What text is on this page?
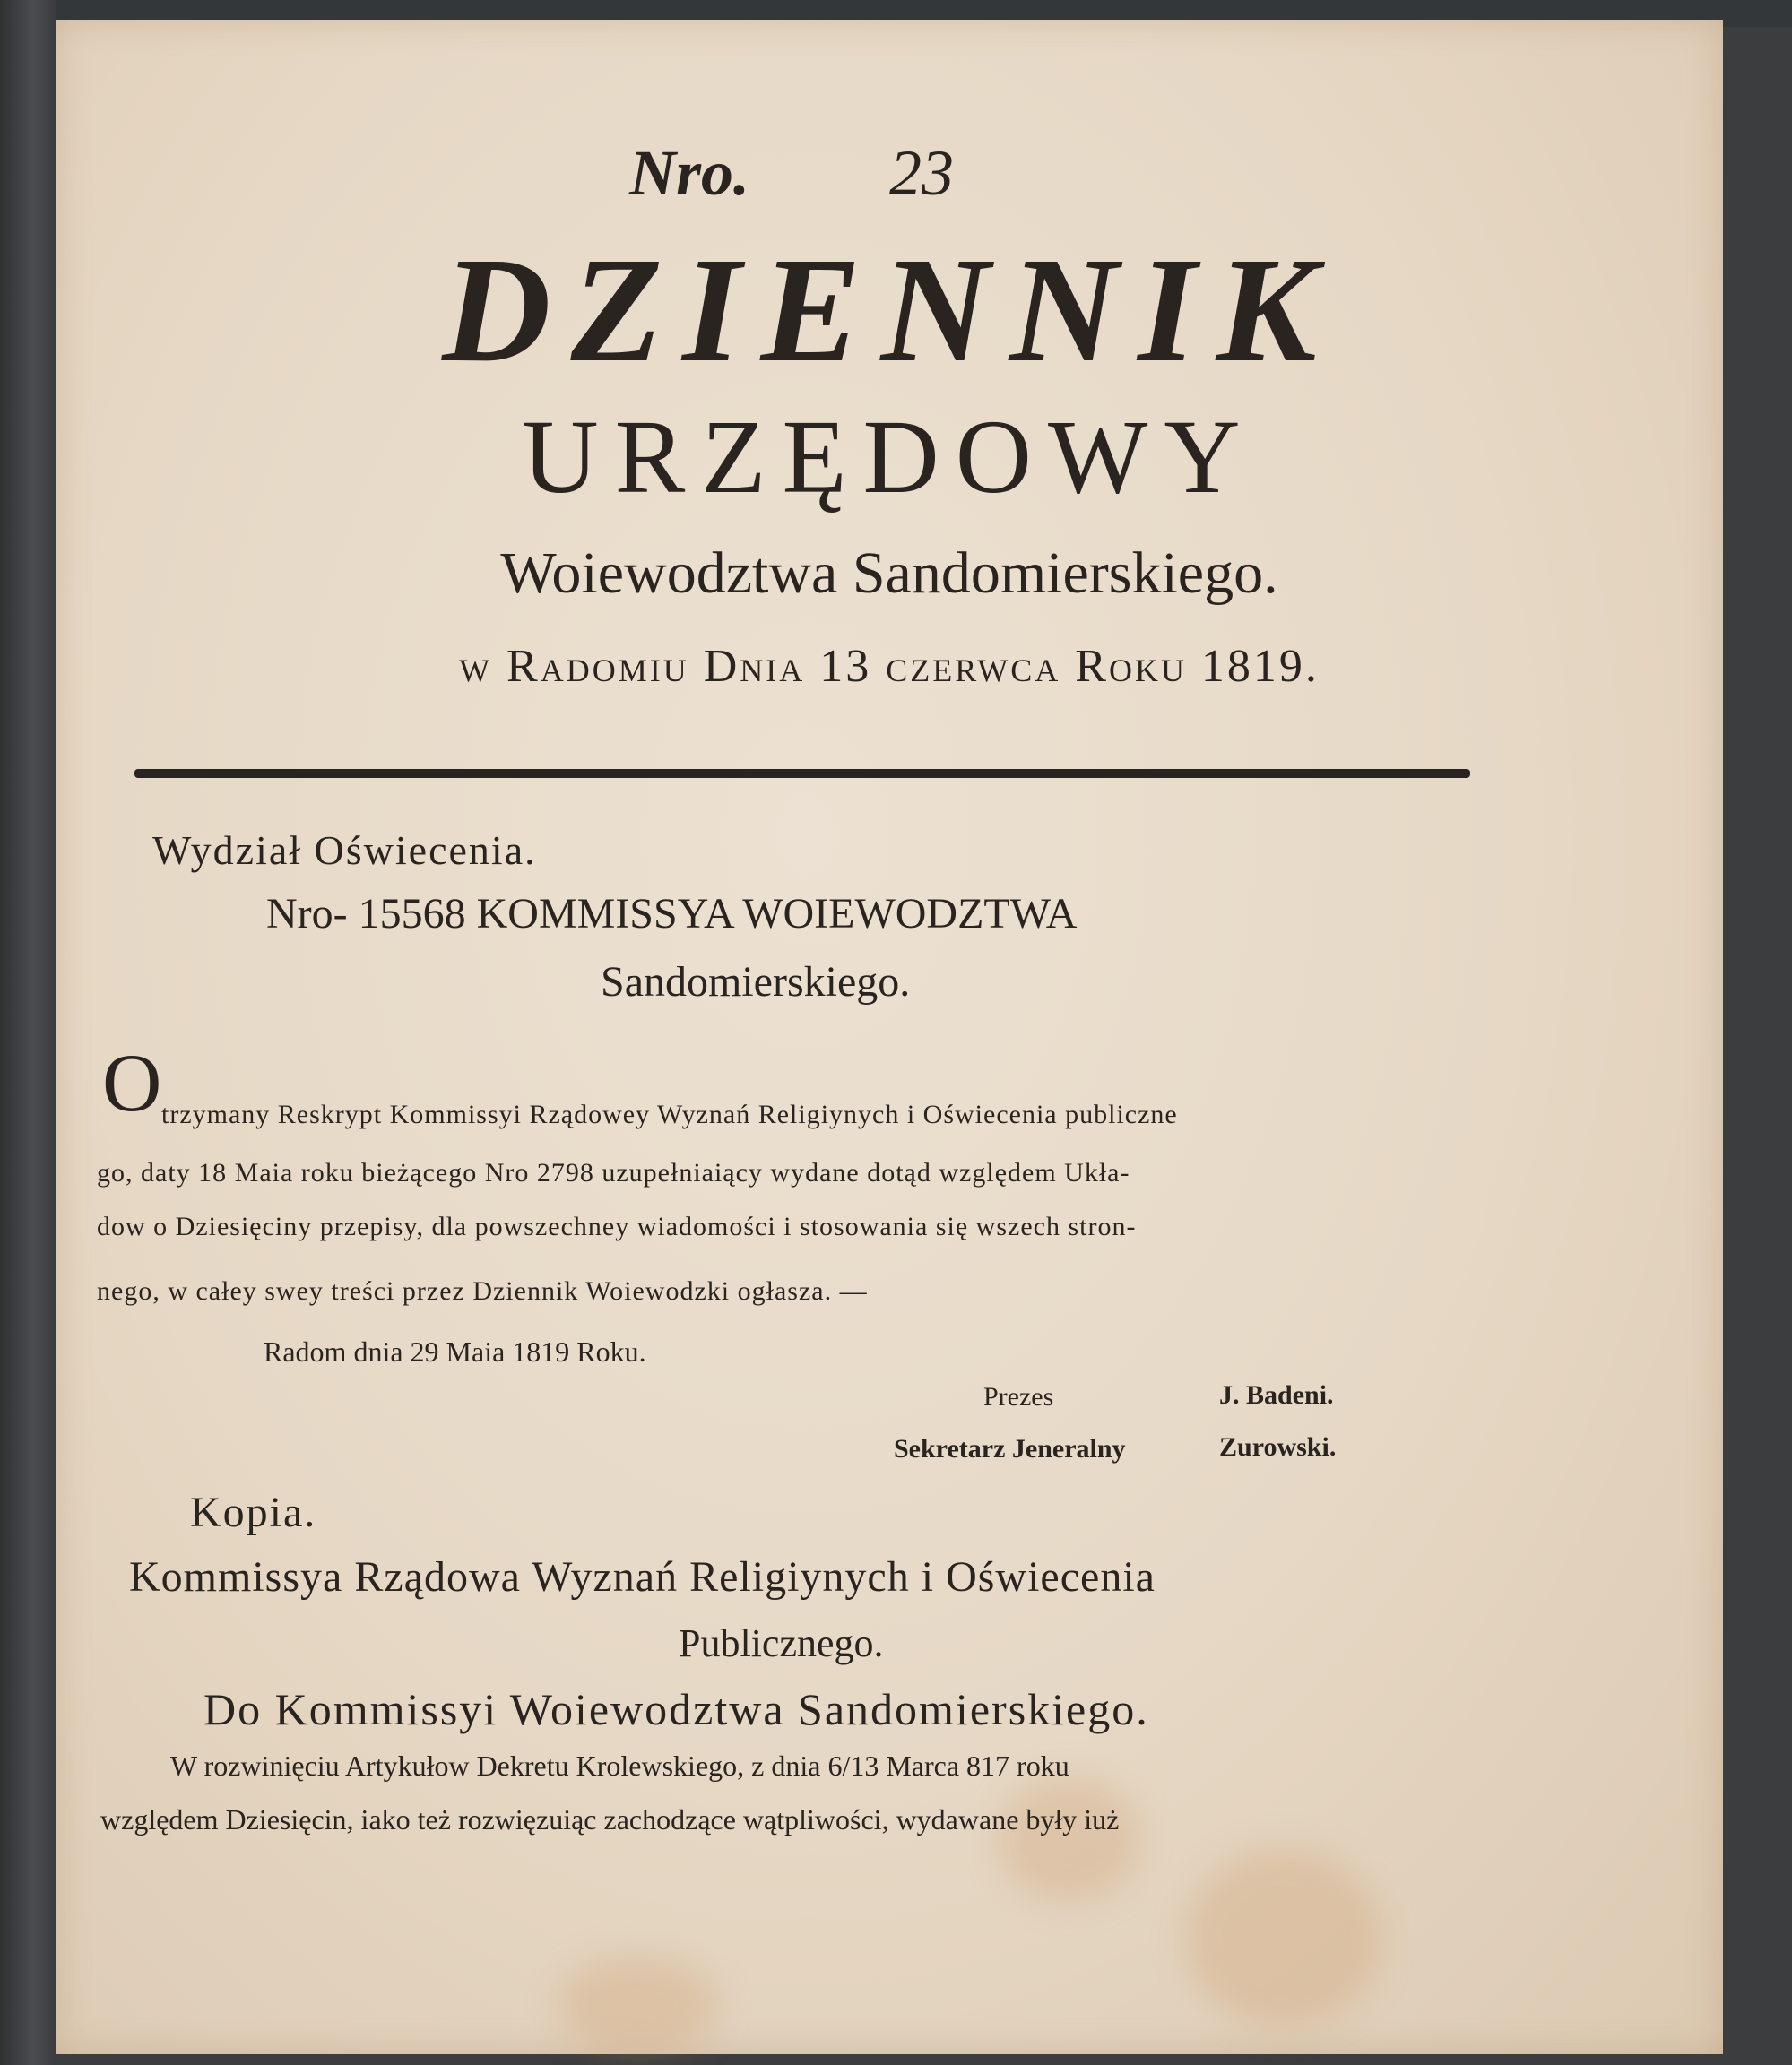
Nro. 23

DZIENNIK

URZĘDOWY

Woiewodztwa Sandomierskiego.

w Radomiu Dnia 13 czerwca Roku 1819.

Wydział Oświecenia.

Nro- 15568 KOMMISSYA WOIEWODZTWA

Sandomierskiego.

O trzymany Reskrypt Kommissyi Rządowey Wyznań Religiynych i Oświecenia publiczne

go, daty 18 Maia roku bieżącego Nro 2798 uzupełniaiący wydane dotąd względem Ukła-

dow o Dziesięciny przepisy, dla powszechney wiadomości i stosowania się wszech stron-

nego, w całey swey treści przez Dziennik Woiewodzki ogłasza. —

Radom dnia 29 Maia 1819 Roku.

Prezes	J. Badeni.

Sekretarz Jeneralny	Zurowski.

Kopia.

Kommissya Rządowa Wyznań Religiynych i Oświecenia

Publicznego.

Do Kommissyi Woiewodztwa Sandomierskiego.

W rozwinięciu Artykułow Dekretu Krolewskiego, z dnia 6/13 Marca 817 roku

względem Dziesięcin, iako też rozwięzuiąc zachodzące wątpliwości, wydawane były iuż
